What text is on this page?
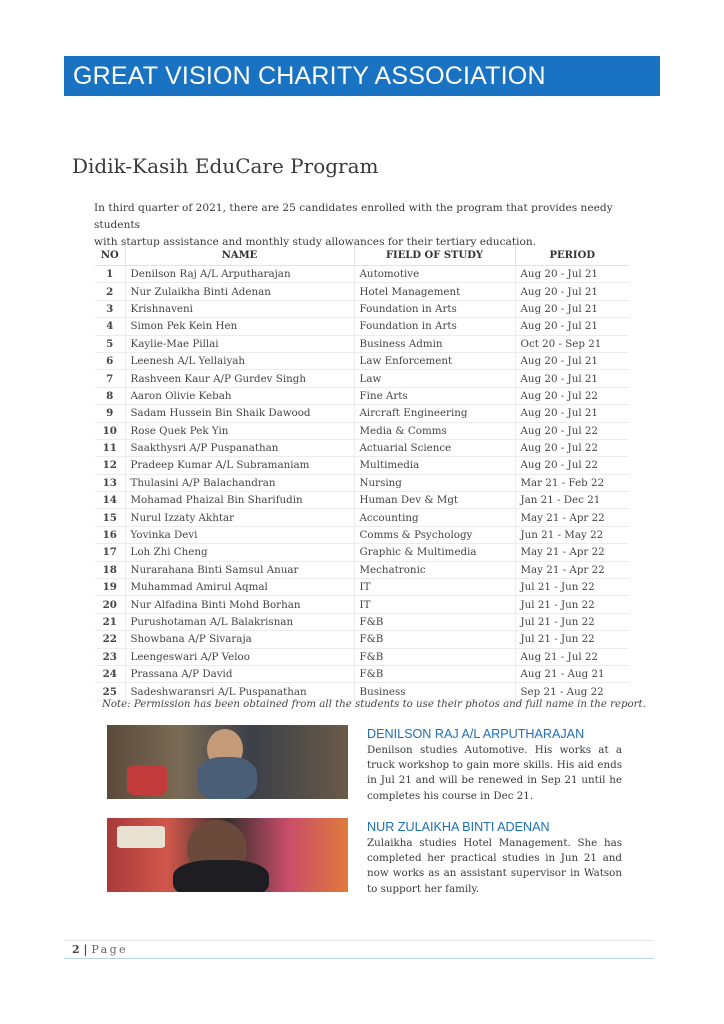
GREAT VISION CHARITY ASSOCIATION
Didik-Kasih EduCare Program
In third quarter of 2021, there are 25 candidates enrolled with the program that provides needy students
with startup assistance and monthly study allowances for their tertiary education.
NO	NAME	FIELD OF STUDY	PERIOD
1	Denilson Raj A/L Arputharajan	Automotive	Aug 20 - Jul 21
2	Nur Zulaikha Binti Adenan	Hotel Management	Aug 20 - Jul 21
3	Krishnaveni	Foundation in Arts	Aug 20 - Jul 21
4	Simon Pek Kein Hen	Foundation in Arts	Aug 20 - Jul 21
5	Kaylie-Mae Pillai	Business Admin	Oct 20 - Sep 21
6	Leenesh A/L Yellaiyah	Law Enforcement	Aug 20 - Jul 21
7	Rashveen Kaur A/P Gurdev Singh	Law	Aug 20 - Jul 21
8	Aaron Olivie Kebah	Fine Arts	Aug 20 - Jul 22
9	Sadam Hussein Bin Shaik Dawood	Aircraft Engineering	Aug 20 - Jul 21
10	Rose Quek Pek Yin	Media & Comms	Aug 20 - Jul 22
11	Saakthysri A/P Puspanathan	Actuarial Science	Aug 20 - Jul 22
12	Pradeep Kumar A/L Subramaniam	Multimedia	Aug 20 - Jul 22
13	Thulasini A/P Balachandran	Nursing	Mar 21 - Feb 22
14	Mohamad Phaizal Bin Sharifudin	Human Dev & Mgt	Jan 21 - Dec 21
15	Nurul Izzaty Akhtar	Accounting	May 21 - Apr 22
16	Yovinka Devi	Comms & Psychology	Jun 21 - May 22
17	Loh Zhi Cheng	Graphic & Multimedia	May 21 - Apr 22
18	Nurarahana Binti Samsul Anuar	Mechatronic	May 21 - Apr 22
19	Muhammad Amirul Aqmal	IT	Jul 21 - Jun 22
20	Nur Alfadina Binti Mohd Borhan	IT	Jul 21 - Jun 22
21	Purushotaman A/L Balakrisnan	F&B	Jul 21 - Jun 22
22	Showbana A/P Sivaraja	F&B	Jul 21 - Jun 22
23	Leengeswari A/P Veloo	F&B	Aug 21 - Jul 22
24	Prassana A/P David	F&B	Aug 21 - Aug 21
25	Sadeshwaransri A/L Puspanathan	Business	Sep 21 - Aug 22
Note: Permission has been obtained from all the students to use their photos and full name in the report.
DENILSON RAJ A/L ARPUTHARAJAN
Denilson studies Automotive. His works at a truck workshop to gain more skills. His aid ends in Jul 21 and will be renewed in Sep 21 until he completes his course in Dec 21.
NUR ZULAIKHA BINTI ADENAN
Zulaikha studies Hotel Management. She has completed her practical studies in Jun 21 and now works as an assistant supervisor in Watson to support her family.
2 | Page
